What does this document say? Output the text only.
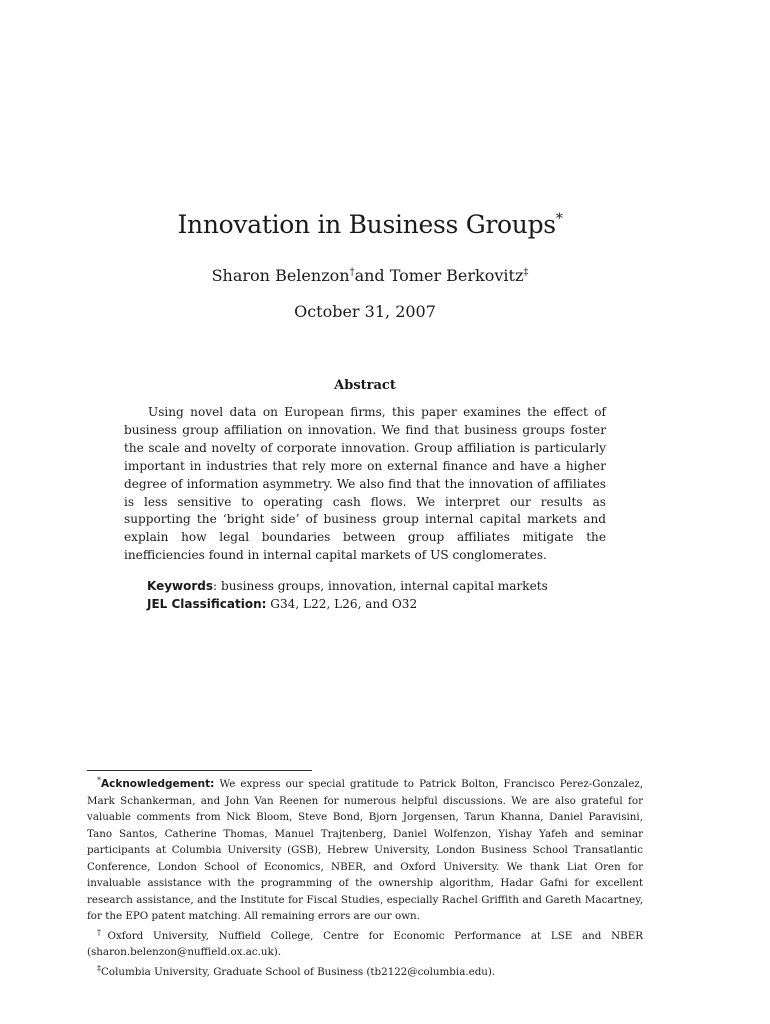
Innovation in Business Groups*
Sharon Belenzon†and Tomer Berkovitz‡
October 31, 2007
Abstract

Using novel data on European firms, this paper examines the effect of business group affiliation on innovation. We find that business groups foster the scale and novelty of corporate innovation. Group affiliation is particularly important in industries that rely more on external finance and have a higher degree of information asymmetry. We also find that the innovation of affiliates is less sensitive to operating cash flows. We interpret our results as supporting the ‘bright side’ of business group internal capital markets and explain how legal boundaries between group affiliates mitigate the inefficiencies found in internal capital markets of US conglomerates.

Keywords: business groups, innovation, internal capital markets
JEL Classification: G34, L22, L26, and O32

*Acknowledgement: We express our special gratitude to Patrick Bolton, Francisco Perez-Gonzalez, Mark Schankerman, and John Van Reenen for numerous helpful discussions. We are also grateful for valuable comments from Nick Bloom, Steve Bond, Bjorn Jorgensen, Tarun Khanna, Daniel Paravisini, Tano Santos, Catherine Thomas, Manuel Trajtenberg, Daniel Wolfenzon, Yishay Yafeh and seminar participants at Columbia University (GSB), Hebrew University, London Business School Transatlantic Conference, London School of Economics, NBER, and Oxford University. We thank Liat Oren for invaluable assistance with the programming of the ownership algorithm, Hadar Gafni for excellent research assistance, and the Institute for Fiscal Studies, especially Rachel Griffith and Gareth Macartney, for the EPO patent matching. All remaining errors are our own.

†Oxford University, Nuffield College, Centre for Economic Performance at LSE and NBER (sharon.belenzon@nuffield.ox.ac.uk).

‡Columbia University, Graduate School of Business (tb2122@columbia.edu).
